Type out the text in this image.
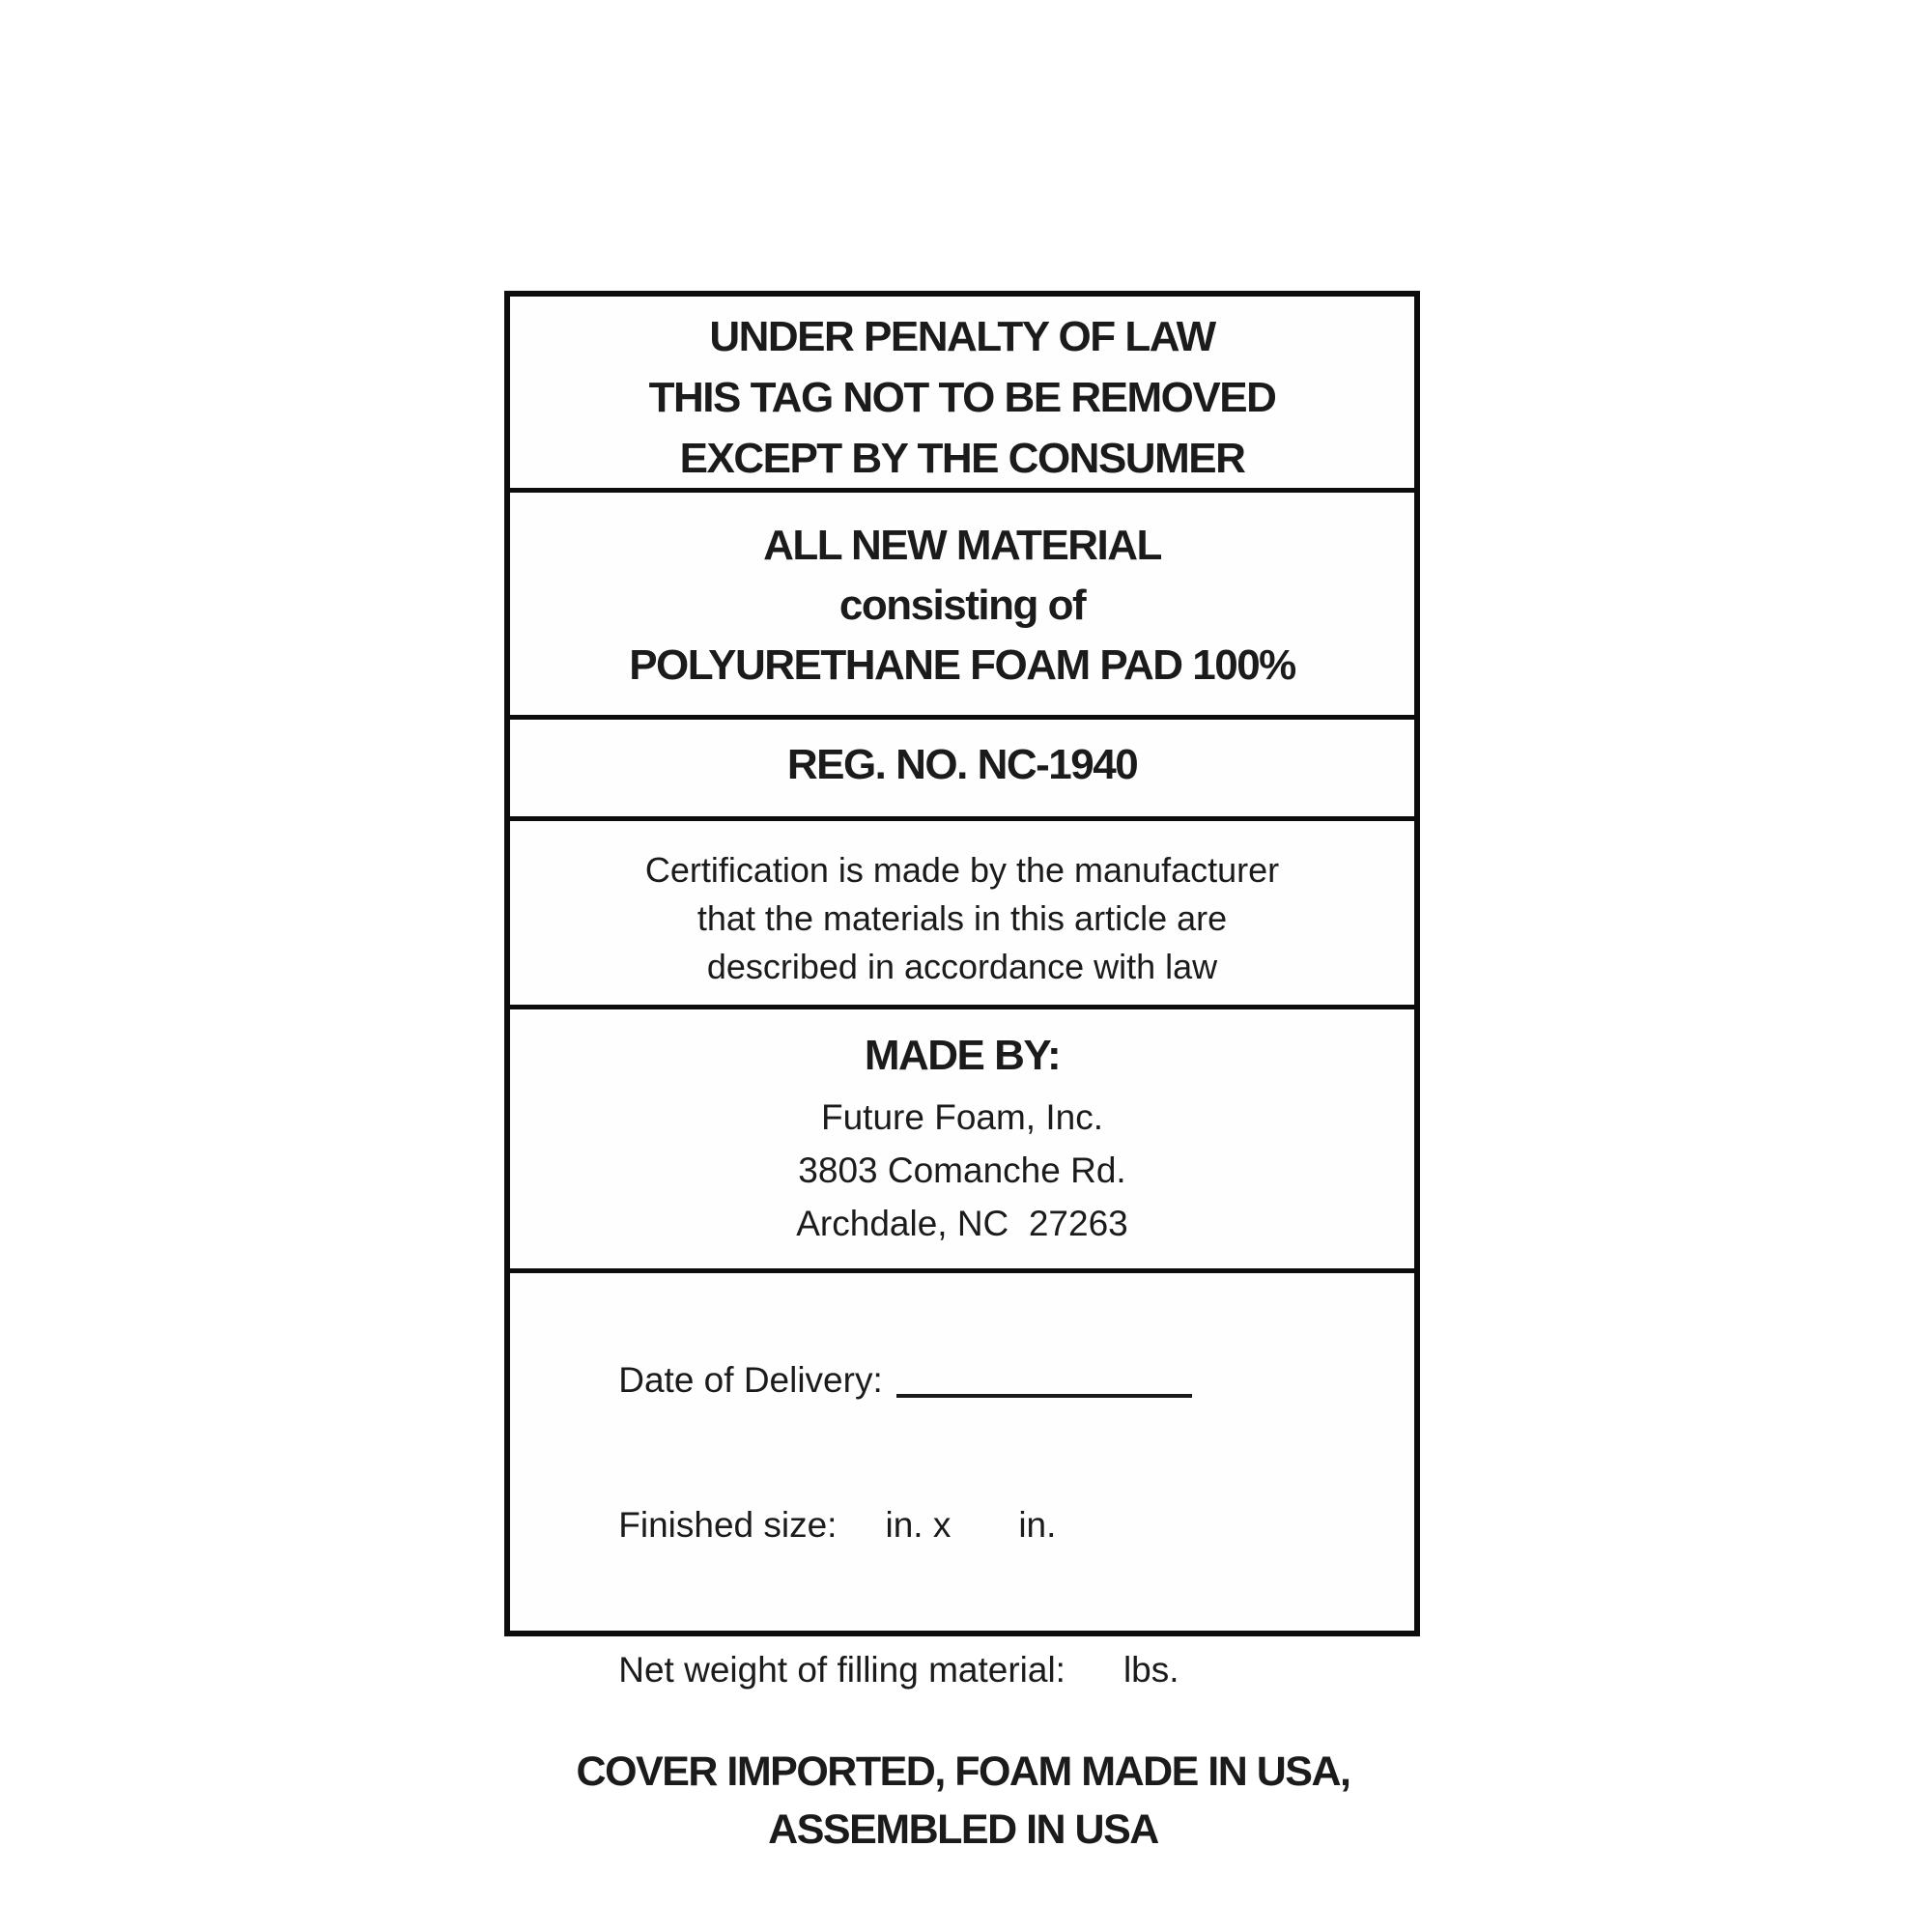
UNDER PENALTY OF LAW
THIS TAG NOT TO BE REMOVED
EXCEPT BY THE CONSUMER
ALL NEW MATERIAL
consisting of
POLYURETHANE FOAM PAD 100%
REG. NO. NC-1940
Certification is made by the manufacturer
that the materials in this article are
described in accordance with law
MADE BY:
Future Foam, Inc.
3803 Comanche Rd.
Archdale, NC  27263

Date of Delivery:

Finished size: in. x in.

Net weight of filling material: lbs.

COVER IMPORTED, FOAM MADE IN USA,
ASSEMBLED IN USA
